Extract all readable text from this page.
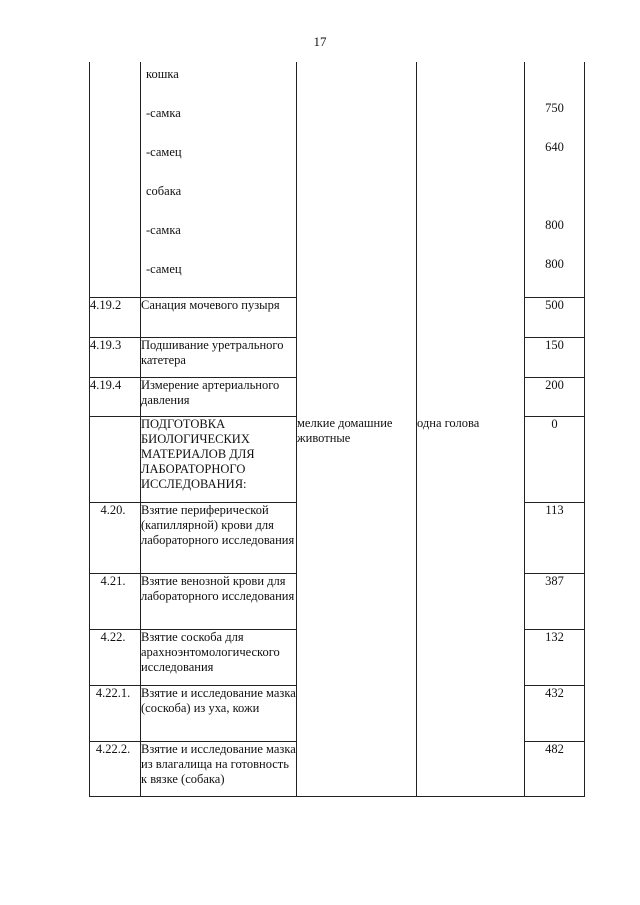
17

	кошка			

	-самка			750

	-самец			640

	собака			

	-самка			800

	-самец			800
4.19.2	Санация мочевого пузыря			500
4.19.3	Подшивание уретрального катетера			150
4.19.4	Измерение артериального давления			200
	ПОДГОТОВКА БИОЛОГИЧЕСКИХ МАТЕРИАЛОВ ДЛЯ ЛАБОРАТОРНОГО ИССЛЕДОВАНИЯ:	мелкие домашние животные	одна голова	0
4.20.	Взятие периферической (капиллярной) крови для лабораторного исследования			113
4.21.	Взятие венозной крови для лабораторного исследования			387
4.22.	Взятие соскоба для арахноэнтомологического исследования			132
4.22.1.	Взятие и исследование мазка (соскоба) из уха, кожи			432
4.22.2.	Взятие и исследование мазка из влагалища на готовность к вязке (собака)			482
